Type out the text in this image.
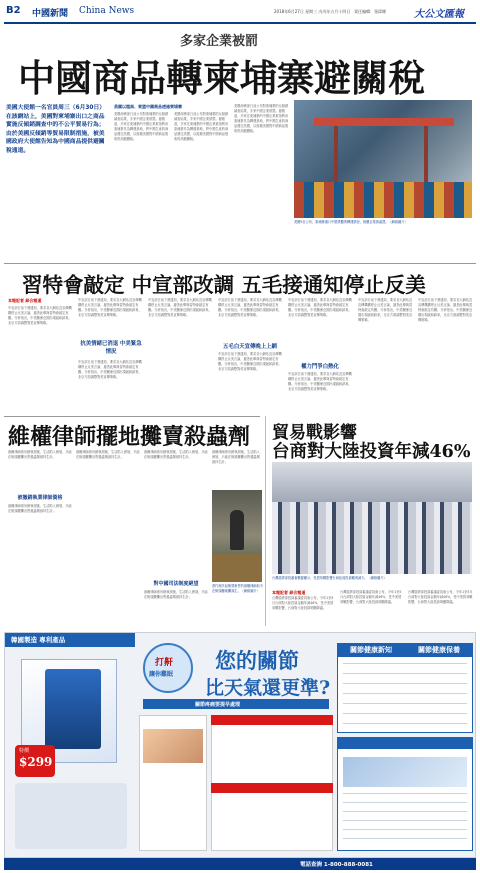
B2 中國新聞 China News	2018年6月27日 星期三 戊戌年五月十四日 責任編輯：張偉剛	大公文匯報
多家企業被罰
中國商品轉柬埔寨避關稅
美國大使館一名官員周三（6月30日）在該網站上，美國對柬埔寨出口之商品實施反傾銷調查中的不公平貿易行為；由於美國反傾銷等貿易限制措施，被美國政府大使館告知為中國商品提供避關稅通道。
美國以越南、東盟中國商品透過柬埔寨
美國商務部日前公布對柬埔寨的反傾銷調查結果，多家中國企業被罰。據報道，多家在柬埔寨的中國企業被指利用柬埔寨作為轉運基地，將中國生產的商品運往美國，以規避美國對中國商品徵收的高額關稅。
美國商務部日前公布對柬埔寨的反傾銷調查結果，多家中國企業被罰。據報道，多家在柬埔寨的中國企業被指利用柬埔寨作為轉運基地，將中國生產的商品運往美國，以規避美國對中國商品徵收的高額關稅。
美國商務部日前公布對柬埔寨的反傾銷調查結果，多家中國企業被罰。據報道，多家在柬埔寨的中國企業被指利用柬埔寨作為轉運基地，將中國生產的商品運往美國，以規避美國對中國商品徵收的高額關稅。
美國9日公布，柬埔寨港口中國貨櫃的轉運情況，相關企業被處罰。（網絡圖片）
習特會敲定 中宣部改調 五毛接通知停止反美
本報記者 綜合報道
中宣部日前下發通知，要求各大網站及宣傳機構停止反美言論，據悉此舉與習特會敲定有關。分析指出，中美關係近期出現緩和跡象，北京方面調整對美宣傳策略。
中宣部日前下發通知，要求各大網站及宣傳機構停止反美言論，據悉此舉與習特會敲定有關。分析指出，中美關係近期出現緩和跡象，北京方面調整對美宣傳策略。
抗美情緒已消退 中美緊急情況
中宣部日前下發通知，要求各大網站及宣傳機構停止反美言論，據悉此舉與習特會敲定有關。分析指出，中美關係近期出現緩和跡象，北京方面調整對美宣傳策略。
中宣部日前下發通知，要求各大網站及宣傳機構停止反美言論，據悉此舉與習特會敲定有關。分析指出，中美關係近期出現緩和跡象，北京方面調整對美宣傳策略。
中宣部日前下發通知，要求各大網站及宣傳機構停止反美言論，據悉此舉與習特會敲定有關。分析指出，中美關係近期出現緩和跡象，北京方面調整對美宣傳策略。
五毛白天宣傳晚上上網
中宣部日前下發通知，要求各大網站及宣傳機構停止反美言論，據悉此舉與習特會敲定有關。分析指出，中美關係近期出現緩和跡象，北京方面調整對美宣傳策略。
中宣部日前下發通知，要求各大網站及宣傳機構停止反美言論，據悉此舉與習特會敲定有關。分析指出，中美關係近期出現緩和跡象，北京方面調整對美宣傳策略。
權力鬥爭白熱化
中宣部日前下發通知，要求各大網站及宣傳機構停止反美言論，據悉此舉與習特會敲定有關。分析指出，中美關係近期出現緩和跡象，北京方面調整對美宣傳策略。
中宣部日前下發通知，要求各大網站及宣傳機構停止反美言論，據悉此舉與習特會敲定有關。分析指出，中美關係近期出現緩和跡象，北京方面調整對美宣傳策略。
中宣部日前下發通知，要求各大網站及宣傳機構停止反美言論，據悉此舉與習特會敲定有關。分析指出，中美關係近期出現緩和跡象，北京方面調整對美宣傳策略。
維權律師擺地攤賣殺蟲劑
維權律師被吊銷執照後，生活陷入困境，只能在街頭擺攤出售殺蟲劑維持生計。
被撤銷執業律師資格
維權律師被吊銷執照後，生活陷入困境，只能在街頭擺攤出售殺蟲劑維持生計。
維權律師被吊銷執照後，生活陷入困境，只能在街頭擺攤出售殺蟲劑維持生計。
維權律師被吊銷執照後，生活陷入困境，只能在街頭擺攤出售殺蟲劑維持生計。
對中國司法制度絕望
維權律師被吊銷執照後，生活陷入困境，只能在街頭擺攤出售殺蟲劑維持生計。
維權律師被吊銷執照後，生活陷入困境，只能在街頭擺攤出售殺蟲劑維持生計。
曾代理多起敏感案件的維權律師如今在街頭擺地攤謀生。（網絡圖片）
貿易戰影響
台商對大陸投資年減46%
台灣經濟部投審會數據顯示，受貿易戰影響台商赴陸投資顯著減少。（網絡圖片）
本報記者 綜合報道
台灣經濟部投資審議委員會公布，今年1至5月台商對大陸投資金額年減46%，受中美貿易戰影響，台商對大陸投資明顯降溫。
台灣經濟部投資審議委員會公布，今年1至5月台商對大陸投資金額年減46%，受中美貿易戰影響，台商對大陸投資明顯降溫。
台灣經濟部投資審議委員會公布，今年1至5月台商對大陸投資金額年減46%，受中美貿易戰影響，台商對大陸投資明顯降溫。
韓國製造 專利產品
特價
$299
打鼾
讓你難眠
您的關節
比天氣還更準?
關節疼痛要提早處理
關節健康新知	關節健康保養
電話查詢 1-800-888-0081
